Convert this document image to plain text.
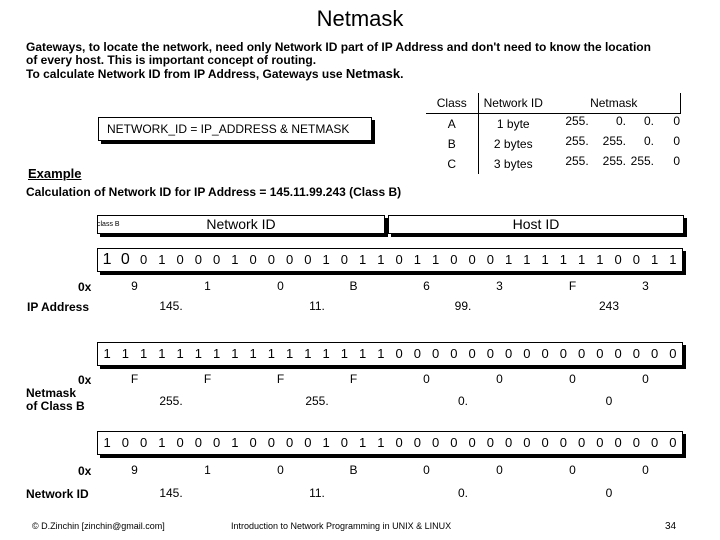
Netmask
Gateways, to locate the network, need only Network ID part of IP Address and don't need to know the location
of every host. This is important concept of routing.
To calculate Network ID from IP Address, Gateways use Netmask.
NETWORK_ID = IP_ADDRESS & NETMASK
Class	Network ID	Netmask
A	1 byte		255.	0.	0.	0

B	2 bytes		255.	255.	0.	0

C	3 bytes		255.	255. 255.	0
Example
Calculation of Network ID for IP Address = 145.11.99.243 (Class B)
Network ID
class B	Host ID
1 0 0 1 0 0 0 1 0 0 0 0 1 0 1 1 0 1 1 0 0 0 1 1 1 1 1 1 0 0 1 1
0x	9	1	0	B	6	3	F	3
IP Address	145.	11.	99.	243
1 1 1 1 1 1 1 1 1 1 1 1 1 1 1 1 0 0 0 0 0 0 0 0 0 0 0 0 0 0 0 0
0x	F	F	F	F	0	0	0	0
Netmask
of Class B	255.	255.	0.	0
1 0 0 1 0 0 0 1 0 0 0 0 1 0 1 1 0 0 0 0 0 0 0 0 0 0 0 0 0 0 0 0
0x	9	1	0	B	0	0	0	0
Network ID	145.	11.	0.	0
© D.Zinchin [zinchin@gmail.com]	Introduction to Network Programming in UNIX & LINUX	34
